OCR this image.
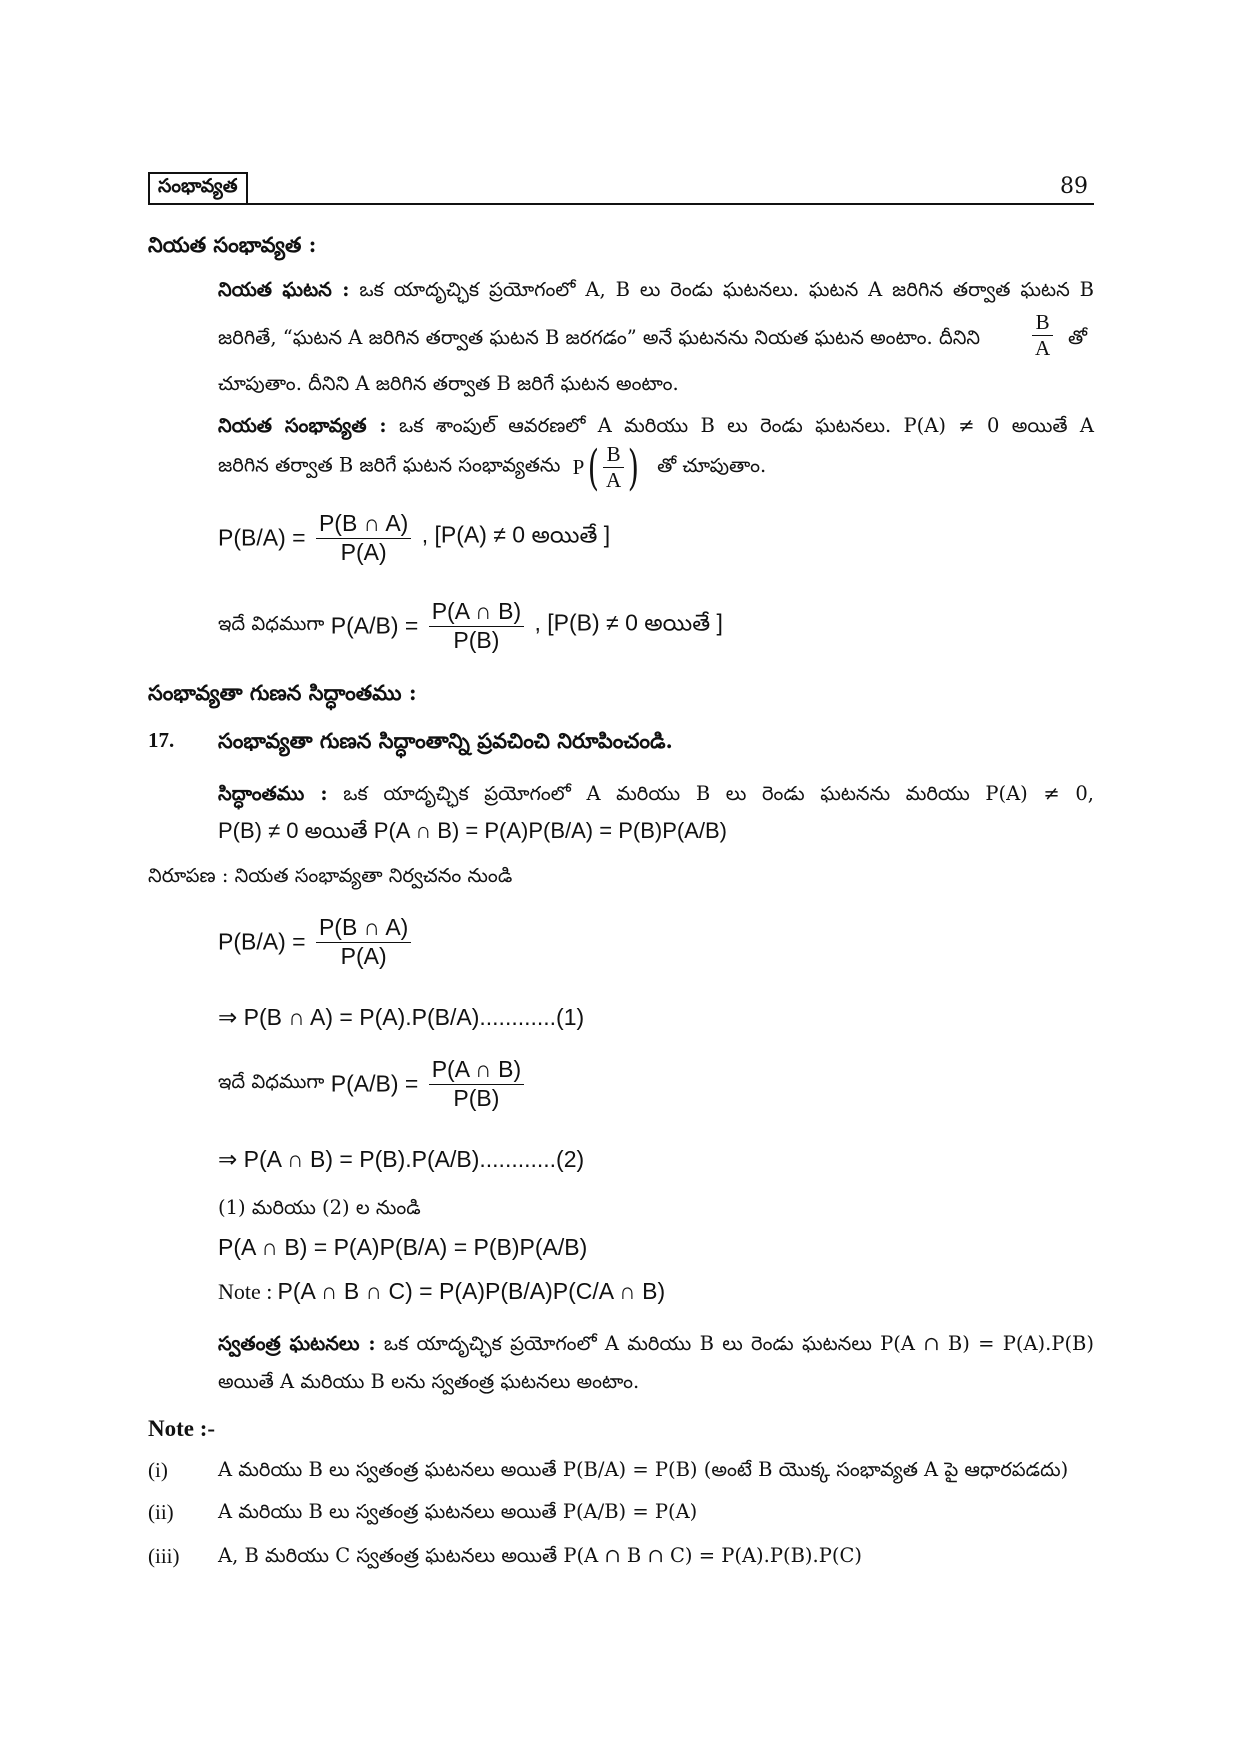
సంభావ్యత	89
నియత సంభావ్యత :
నియత ఘటన : ఒక యాదృచ్ఛిక ప్రయోగంలో A, B లు రెండు ఘటనలు. ఘటన A జరిగిన తర్వాత ఘటన B
జరిగితే, “ఘటన A జరిగిన తర్వాత ఘటన B జరగడం” అనే ఘటనను నియత ఘటన అంటాం. దీనిని $\frac{B}{A}$ తో
చూపుతాం. దీనిని A జరిగిన తర్వాత B జరిగే ఘటన అంటాం.
నియత సంభావ్యత : ఒక శాంపుల్ ఆవరణలో A మరియు B లు రెండు ఘటనలు. P(A) ≠ 0 అయితే A
జరిగిన తర్వాత B జరిగే ఘటన సంభావ్యతను $P( \frac{B}{A}$ ) తో చూపుతాం.
$P(B/A) = \frac{P(B \cap A)}{P(A)}$ , [P(A) ≠ 0 అయితే ]
ఇదే విధముగా $P(A/B) = \frac{P(A \cap B)}{P(B)}$ , [P(B) ≠ 0 అయితే ]
సంభావ్యతా గుణన సిద్ధాంతము :
17. సంభావ్యతా గుణన సిద్ధాంతాన్ని ప్రవచించి నిరూపించండి.
సిద్ధాంతము : ఒక యాదృచ్ఛిక ప్రయోగంలో A మరియు B లు రెండు ఘటనను మరియు P(A) ≠ 0,
P(B) ≠ 0 అయితే P(A ∩ B) = P(A)P(B/A) = P(B)P(A/B)
నిరూపణ : నియత సంభావ్యతా నిర్వచనం నుండి
$P(B/A) = \frac{P(B \cap A)}{P(A)}$
⇒ P(B ∩ A) = P(A).P(B/A)............(1)
ఇదే విధముగా $P(A/B) = \frac{P(A \cap B)}{P(B)}$
⇒ P(A ∩ B) = P(B).P(A/B)............(2)
(1) మరియు (2) ల నుండి
P(A ∩ B) = P(A)P(B/A) = P(B)P(A/B)
Note : P(A ∩ B ∩ C) = P(A)P(B/A)P(C/A ∩ B)
స్వతంత్ర ఘటనలు : ఒక యాదృచ్ఛిక ప్రయోగంలో A మరియు B లు రెండు ఘటనలు P(A ∩ B) = P(A).P(B)
అయితే A మరియు B లను స్వతంత్ర ఘటనలు అంటాం.
Note :-
(i)	A మరియు B లు స్వతంత్ర ఘటనలు అయితే P(B/A) = P(B) (అంటే B యొక్క సంభావ్యత A పై ఆధారపడదు)
(ii) A మరియు B లు స్వతంత్ర ఘటనలు అయితే P(A/B) = P(A)
(iii) A, B మరియు C స్వతంత్ర ఘటనలు అయితే P(A ∩ B ∩ C) = P(A).P(B).P(C)
